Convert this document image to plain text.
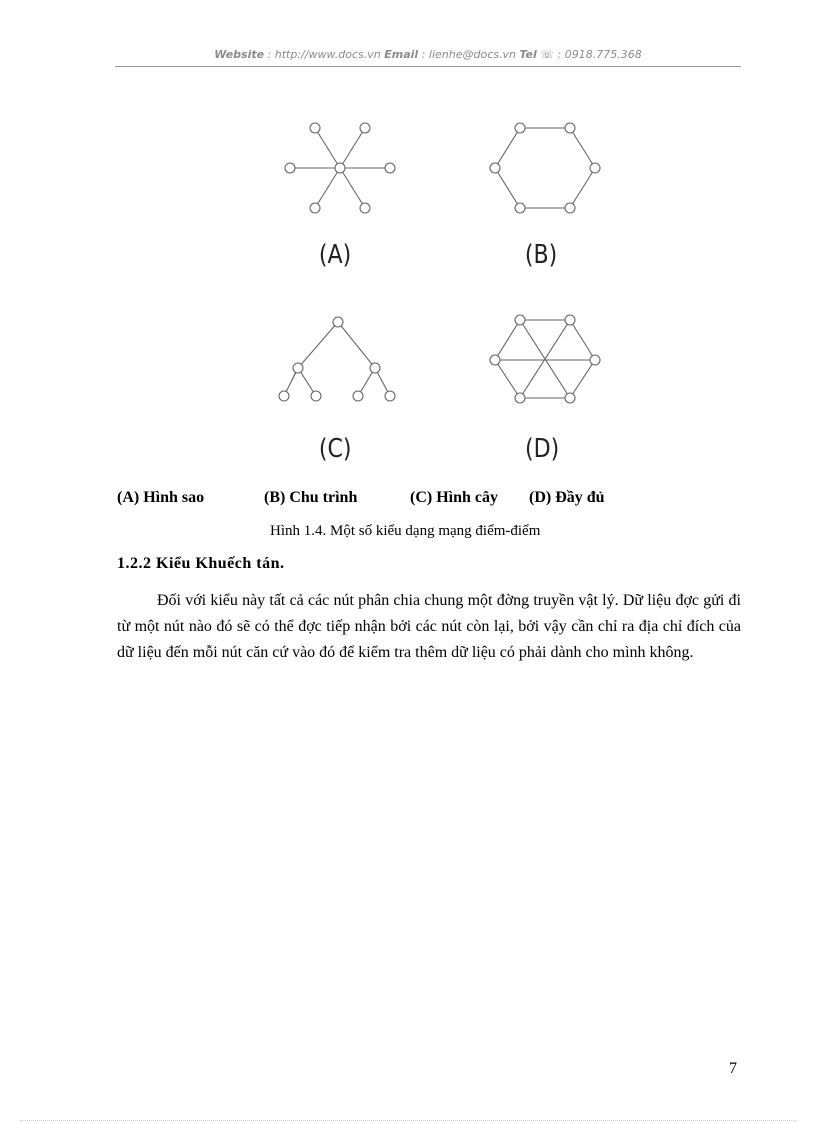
Website : http://www.docs.vn Email : lienhe@docs.vn Tel ☏ : 0918.775.368
(A)	(B)
(C)	(D)
(A) Hình sao	(B) Chu trình	(C) Hình cây (D) Đầy đủ
Hình 1.4. Một số kiểu dạng mạng điểm-điểm
1.2.2 Kiểu Khuếch tán.

Đối với kiểu này tất cả các nút phân chia chung một đờng truyền vật lý. Dữ liệu đợc gửi đi từ một nút nào đó sẽ có thể đợc tiếp nhận bởi các nút còn lại, bởi vậy cần chỉ ra địa chỉ đích của dữ liệu đến mỗi nút căn cứ vào đó để kiểm tra thêm dữ liệu có phải dành cho mình không.

7
